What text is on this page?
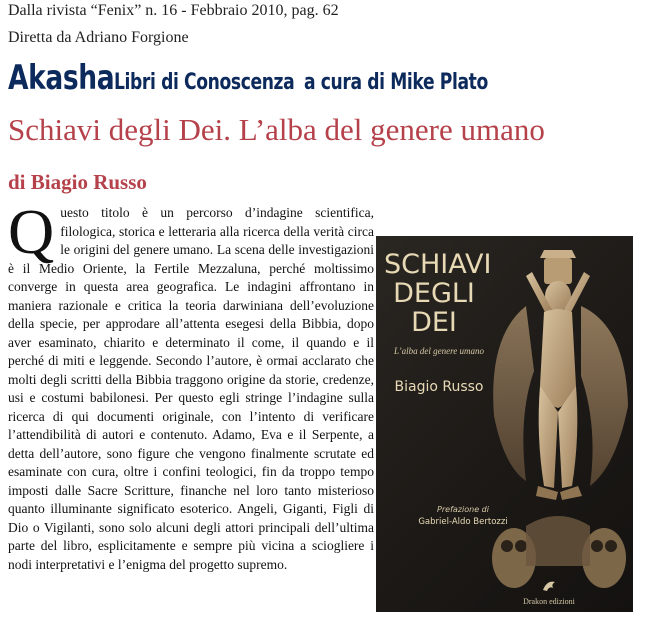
Dalla rivista “Fenix” n. 16 - Febbraio 2010, pag. 62
Diretta da Adriano Forgione
AkashaLibri di Conoscenza a cura di Mike Plato
Schiavi degli Dei. L’alba del genere umano
di Biagio Russo
Questo titolo è un percorso d’indagine scientifica, filologica, storica e letteraria alla ricerca della verità circa le origini del genere umano. La scena delle investigazioni è il Medio Oriente, la Fertile Mezzaluna, perché moltissimo converge in questa area geografica. Le indagini affrontano in maniera razionale e critica la teoria darwiniana dell’evoluzione della specie, per approdare all’attenta esegesi della Bibbia, dopo aver esaminato, chiarito e determinato il come, il quando e il perché di miti e leggende. Secondo l’autore, è ormai acclarato che molti degli scritti della Bibbia traggono origine da storie, credenze, usi e costumi babilonesi. Per questo egli stringe l’indagine sulla ricerca di qui documenti originale, con l’intento di verificare l’attendibilità di autori e contenuto. Adamo, Eva e il Serpente, a detta dell’autore, sono figure che vengono finalmente scrutate ed esaminate con cura, oltre i confini teologici, fin da troppo tempo imposti dalle Sacre Scritture, finanche nel loro tanto misterioso quanto illuminante significato esoterico. Angeli, Giganti, Figli di Dio o Vigilanti, sono solo alcuni degli attori principali dell’ultima parte del libro, esplicitamente e sempre più vicina a sciogliere i nodi interpretativi e l’enigma del progetto supremo.
SCHIAVI
DEGLI
DEI
L’alba del genere umano
Biagio Russo
Prefazione di
Gabriel-Aldo Bertozzi
Drakon edizioni
